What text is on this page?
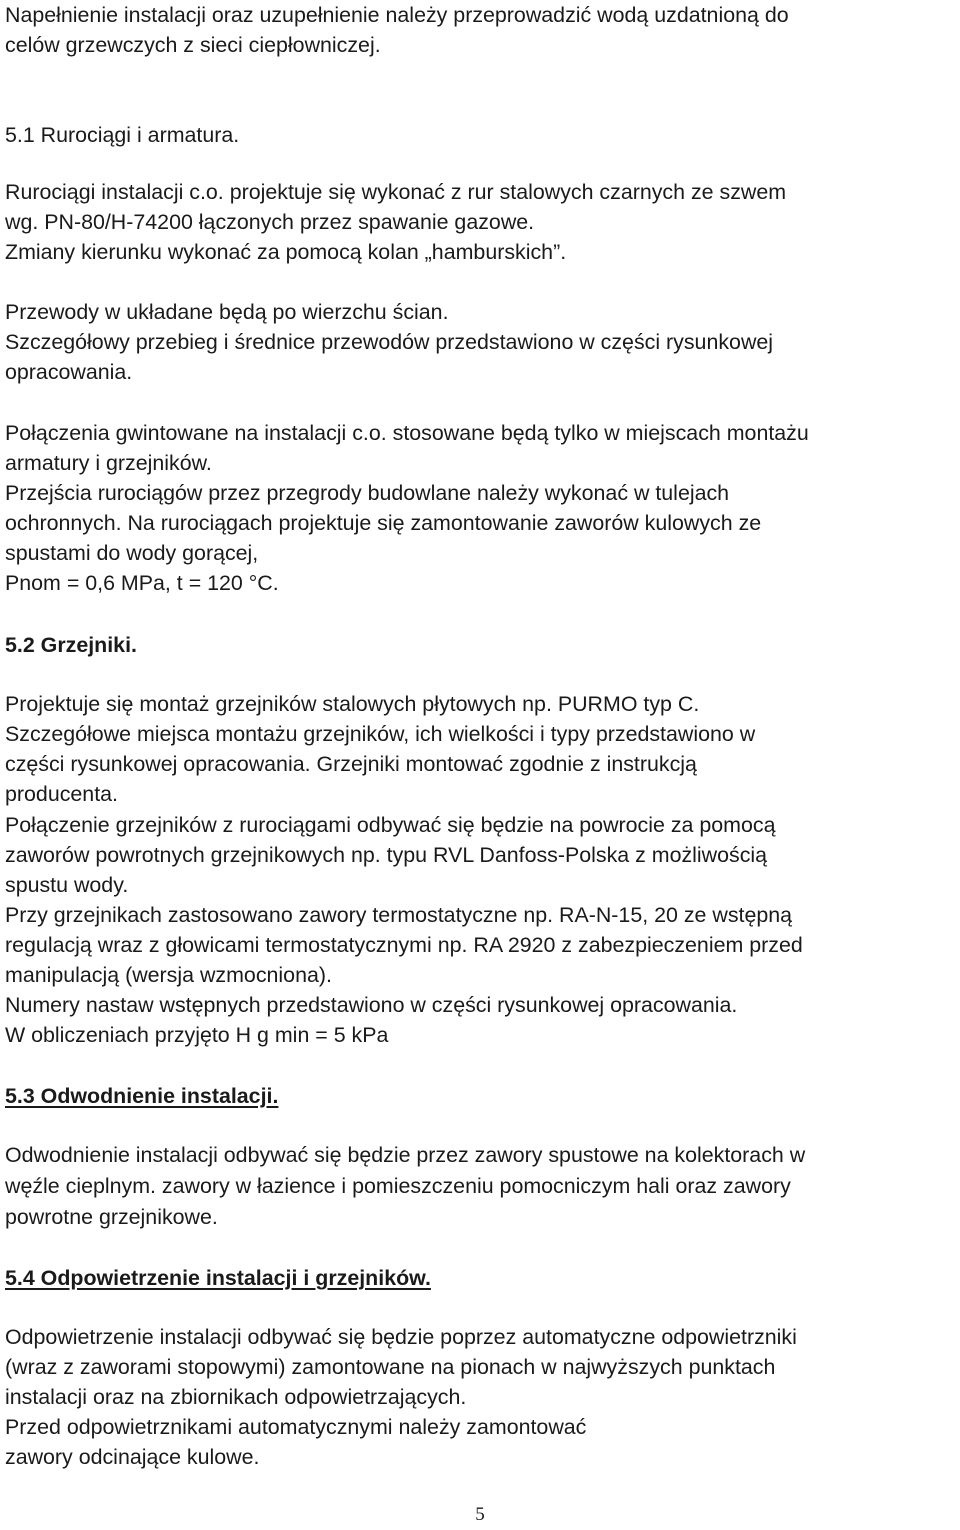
Napełnienie instalacji oraz uzupełnienie należy przeprowadzić wodą uzdatnioną do
celów grzewczych z sieci ciepłowniczej.
5.1 Rurociągi i armatura.
Rurociągi instalacji c.o. projektuje się wykonać z rur stalowych czarnych ze szwem
wg. PN-80/H-74200 łączonych przez spawanie gazowe.
Zmiany kierunku wykonać za pomocą kolan „hamburskich”.
Przewody w układane będą po wierzchu ścian.
Szczegółowy przebieg i średnice przewodów przedstawiono w części rysunkowej
opracowania.
Połączenia gwintowane na instalacji c.o. stosowane będą tylko w miejscach montażu
armatury i grzejników.
Przejścia rurociągów przez przegrody budowlane należy wykonać w tulejach
ochronnych. Na rurociągach projektuje się zamontowanie zaworów kulowych ze
spustami do wody gorącej,
Pnom = 0,6 MPa, t = 120 °C.
5.2 Grzejniki.
Projektuje się montaż grzejników stalowych płytowych np. PURMO typ C.
Szczegółowe miejsca montażu grzejników, ich wielkości i typy przedstawiono w
części rysunkowej opracowania. Grzejniki montować zgodnie z instrukcją
producenta.
Połączenie grzejników z rurociągami odbywać się będzie na powrocie za pomocą
zaworów powrotnych grzejnikowych np. typu RVL Danfoss-Polska z możliwością
spustu wody.
Przy grzejnikach zastosowano zawory termostatyczne np. RA-N-15, 20 ze wstępną
regulacją wraz z głowicami termostatycznymi np. RA 2920 z zabezpieczeniem przed
manipulacją (wersja wzmocniona).
Numery nastaw wstępnych przedstawiono w części rysunkowej opracowania.
W obliczeniach przyjęto H g min = 5 kPa
5.3 Odwodnienie instalacji.
Odwodnienie instalacji odbywać się będzie przez zawory spustowe na kolektorach w
węźle cieplnym. zawory w łazience i pomieszczeniu pomocniczym hali oraz zawory
powrotne grzejnikowe.
5.4 Odpowietrzenie instalacji i grzejników.
Odpowietrzenie instalacji odbywać się będzie poprzez automatyczne odpowietrzniki
(wraz z zaworami stopowymi) zamontowane na pionach w najwyższych punktach
instalacji oraz na zbiornikach odpowietrzających.
Przed odpowietrznikami automatycznymi należy zamontować
zawory odcinające kulowe.
5
